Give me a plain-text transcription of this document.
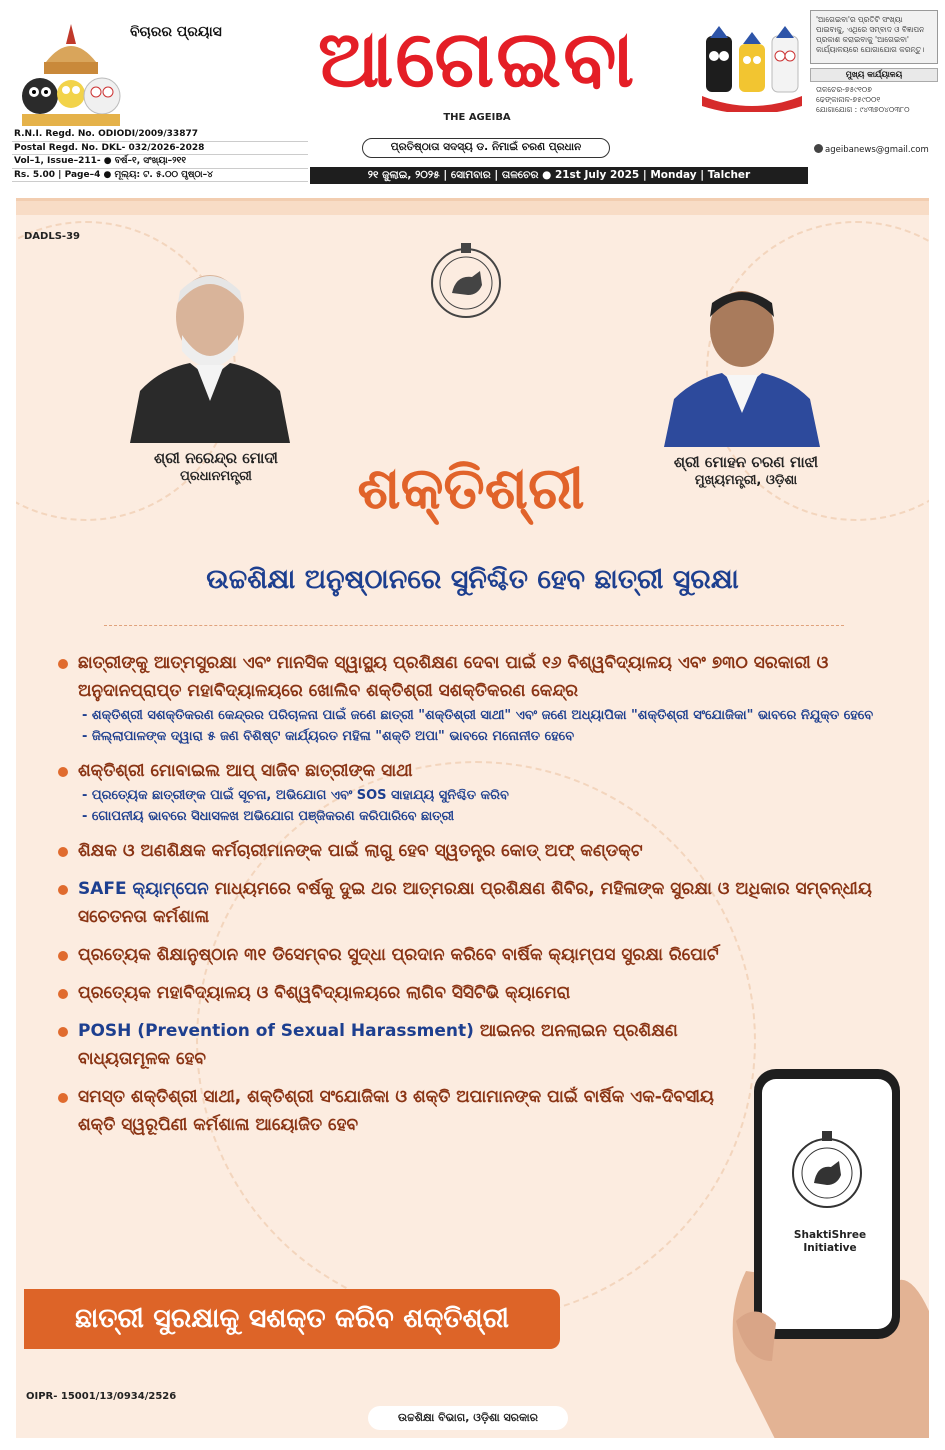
ବିଚାରର ପ୍ରୟାସ	ଆଗେଇବା
THE AGEIBA
ପ୍ରତିଷ୍ଠାତା ସଦସ୍ୟ ଡ. ନିମାଇଁ ଚରଣ ପ୍ରଧାନ
'ଆଗେଇବା'ର ପ୍ରତିଟି ସଂଖ୍ୟା ପାଇବାକୁ, ଏଥିରେ ସମ୍ବାଦ ଓ ବିଜ୍ଞାପନ ପ୍ରକାଶ କରାଇବାକୁ 'ଆଗେଇବା' କାର୍ଯ୍ୟାଳୟରେ ଯୋଗାଯୋଗ କରନ୍ତୁ।
ମୁଖ୍ୟ କାର୍ଯ୍ୟାଳୟ
ତାଳଚେର-୭୫୯୧୦୭
ଢେଙ୍କାନାଳ-୭୫୯୦୦୧
ଯୋଗାଯୋଗ : ୯୪୩୭୦୪୦୩୮୦
ageibanews@gmail.com
R.N.I. Regd. No. ODIODI/2009/33877
Postal Regd. No. DKL- 032/2026-2028
Vol–1, Issue–211- ● ବର୍ଷ–୧, ସଂଖ୍ୟା–୨୧୧
Rs. 5.00 | Page–4 ● ମୂଲ୍ୟ: ଟ. ୫.୦୦ ପୃଷ୍ଠା–୪	୨୧ ଜୁଲାଇ, ୨୦୨୫ | ସୋମବାର | ତାଳଚେର ● 21st July 2025 | Monday | Talcher
DADLS-39
ଶ୍ରୀ ନରେନ୍ଦ୍ର ମୋଦୀ
ପ୍ରଧାନମନ୍ତ୍ରୀ
ଶ୍ରୀ ମୋହନ ଚରଣ ମାଝୀ
ମୁଖ୍ୟମନ୍ତ୍ରୀ, ଓଡ଼ିଶା
ଶକ୍ତିଶ୍ରୀ
ଉଚ୍ଚଶିକ୍ଷା ଅନୁଷ୍ଠାନରେ ସୁନିଶ୍ଚିତ ହେବ ଛାତ୍ରୀ ସୁରକ୍ଷା
ଛାତ୍ରୀଙ୍କୁ ଆତ୍ମସୁରକ୍ଷା ଏବଂ ମାନସିକ ସ୍ୱାସ୍ଥ୍ୟ ପ୍ରଶିକ୍ଷଣ ଦେବା ପାଇଁ ୧୬ ବିଶ୍ୱବିଦ୍ୟାଳୟ ଏବଂ ୭୩୦ ସରକାରୀ ଓ ଅନୁଦାନପ୍ରାପ୍ତ ମହାବିଦ୍ୟାଳୟରେ ଖୋଲିବ ଶକ୍ତିଶ୍ରୀ ସଶକ୍ତିକରଣ କେନ୍ଦ୍ର
- ଶକ୍ତିଶ୍ରୀ ସଶକ୍ତିକରଣ କେନ୍ଦ୍ରର ପରିଚାଳନା ପାଇଁ ଜଣେ ଛାତ୍ରୀ "ଶକ୍ତିଶ୍ରୀ ସାଥୀ" ଏବଂ ଜଣେ ଅଧ୍ୟାପିକା "ଶକ୍ତିଶ୍ରୀ ସଂଯୋଜିକା" ଭାବରେ ନିଯୁକ୍ତ ହେବେ
- ଜିଲ୍ଲାପାଳଙ୍କ ଦ୍ୱାରା ୫ ଜଣ ବିଶିଷ୍ଟ କାର୍ଯ୍ୟରତ ମହିଳା "ଶକ୍ତି ଅପା" ଭାବରେ ମନୋନୀତ ହେବେ
ଶକ୍ତିଶ୍ରୀ ମୋବାଇଲ ଆପ୍ ସାଜିବ ଛାତ୍ରୀଙ୍କ ସାଥୀ
- ପ୍ରତ୍ୟେକ ଛାତ୍ରୀଙ୍କ ପାଇଁ ସୂଚନା, ଅଭିଯୋଗ ଏବଂ SOS ସାହାଯ୍ୟ ସୁନିଶ୍ଚିତ କରିବ
- ଗୋପନୀୟ ଭାବରେ ସିଧାସଳଖ ଅଭିଯୋଗ ପଞ୍ଜିକରଣ କରିପାରିବେ ଛାତ୍ରୀ
ଶିକ୍ଷକ ଓ ଅଣଶିକ୍ଷକ କର୍ମଚାରୀମାନଙ୍କ ପାଇଁ ଲାଗୁ ହେବ ସ୍ୱତନ୍ତ୍ର କୋଡ୍ ଅଫ୍ କଣ୍ଡକ୍ଟ
SAFE କ୍ୟାମ୍ପେନ ମାଧ୍ୟମରେ ବର୍ଷକୁ ଦୁଇ ଥର ଆତ୍ମରକ୍ଷା ପ୍ରଶିକ୍ଷଣ ଶିବିର, ମହିଳାଙ୍କ ସୁରକ୍ଷା ଓ ଅଧିକାର ସମ୍ବନ୍ଧୀୟ ସଚେତନତା କର୍ମଶାଳା
ପ୍ରତ୍ୟେକ ଶିକ୍ଷାନୁଷ୍ଠାନ ୩୧ ଡିସେମ୍ବର ସୁଦ୍ଧା ପ୍ରଦାନ କରିବେ ବାର୍ଷିକ କ୍ୟାମ୍ପସ ସୁରକ୍ଷା ରିପୋର୍ଟ
ପ୍ରତ୍ୟେକ ମହାବିଦ୍ୟାଳୟ ଓ ବିଶ୍ୱବିଦ୍ୟାଳୟରେ ଲାଗିବ ସିସିଟିଭି କ୍ୟାମେରା
POSH (Prevention of Sexual Harassment) ଆଇନର ଅନଲାଇନ ପ୍ରଶିକ୍ଷଣ ବାଧ୍ୟତାମୂଳକ ହେବ
ସମସ୍ତ ଶକ୍ତିଶ୍ରୀ ସାଥୀ, ଶକ୍ତିଶ୍ରୀ ସଂଯୋଜିକା ଓ ଶକ୍ତି ଅପାମାନଙ୍କ ପାଇଁ ବାର୍ଷିକ ଏକ-ଦିବସୀୟ ଶକ୍ତି ସ୍ୱରୂପିଣୀ କର୍ମଶାଳା ଆୟୋଜିତ ହେବ
ShaktiShree Initiative
ଛାତ୍ରୀ ସୁରକ୍ଷାକୁ ସଶକ୍ତ କରିବ ଶକ୍ତିଶ୍ରୀ
OIPR- 15001/13/0934/2526
ଉଚ୍ଚଶିକ୍ଷା ବିଭାଗ, ଓଡ଼ିଶା ସରକାର
